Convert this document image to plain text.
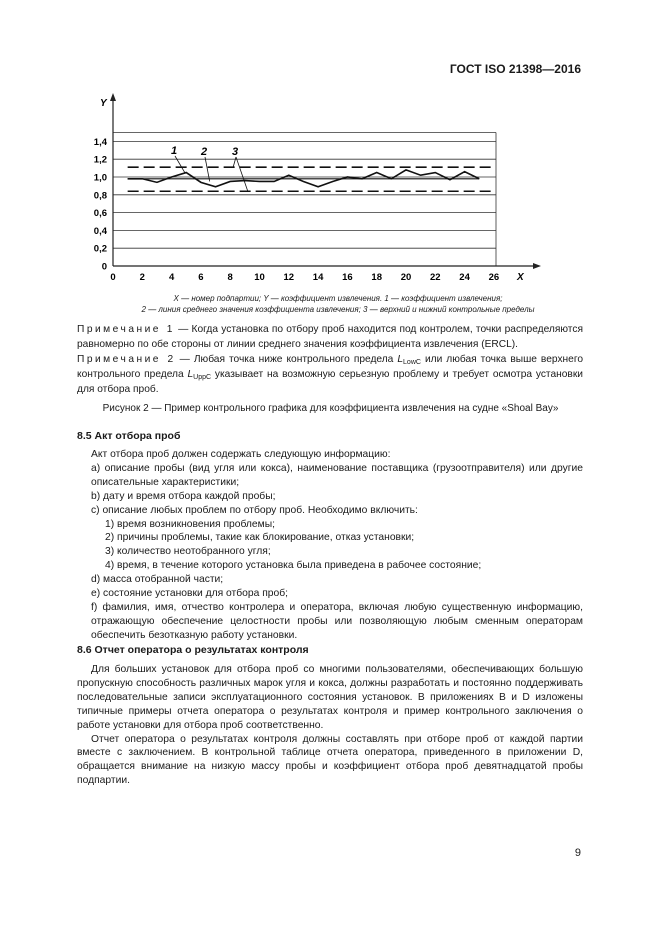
ГОСТ ISO 21398—2016
Y
X
0
0,2
0,4
0,6
0,8
1,0
1,2
1,4
0	2	4	6	8 10 12 14 16 18 20 22 24 26
1 2 3
X — номер подпартии; Y — коэффициент извлечения. 1 — коэффициент извлечения;
2 — линия среднего значения коэффициента извлечения; 3 — верхний и нижний контрольные пределы
Примечание 1 — Когда установка по отбору проб находится под контролем, точки распределяются равномерно по обе стороны от линии среднего значения коэффициента извлечения (ERCL).
Примечание 2 — Любая точка ниже контрольного предела $L_{LowC}$ или любая точка выше верхнего контрольного предела $L_{UppC}$ указывает на возможную серьезную проблему и требует осмотра установки для отбора проб.
Рисунок 2 — Пример контрольного графика для коэффициента извлечения на судне «Shoal Bay»
8.5 Акт отбора проб
Акт отбора проб должен содержать следующую информацию:
а) описание пробы (вид угля или кокса), наименование поставщика (грузоотправителя) или другие описательные характеристики;
b) дату и время отбора каждой пробы;
c) описание любых проблем по отбору проб. Необходимо включить:
1) время возникновения проблемы;
2) причины проблемы, такие как блокирование, отказ установки;
3) количество неотобранного угля;
4) время, в течение которого установка была приведена в рабочее состояние;
d) масса отобранной части;
e) состояние установки для отбора проб;
f) фамилия, имя, отчество контролера и оператора, включая любую существенную информацию, отражающую обеспечение целостности пробы или позволяющую любым сменным операторам обеспечить безотказную работу установки.
8.6 Отчет оператора о результатах контроля
Для больших установок для отбора проб со многими пользователями, обеспечивающих большую пропускную способность различных марок угля и кокса, должны разработать и постоянно поддерживать последовательные записи эксплуатационного состояния установок. В приложениях B и D изложены типичные примеры отчета оператора о результатах контроля и пример контрольного заключения о работе установки для отбора проб соответственно.
Отчет оператора о результатах контроля должны составлять при отборе проб от каждой партии вместе с заключением. В контрольной таблице отчета оператора, приведенного в приложении D, обращается внимание на низкую массу пробы и коэффициент отбора проб девятнадцатой пробы подпартии.
9
